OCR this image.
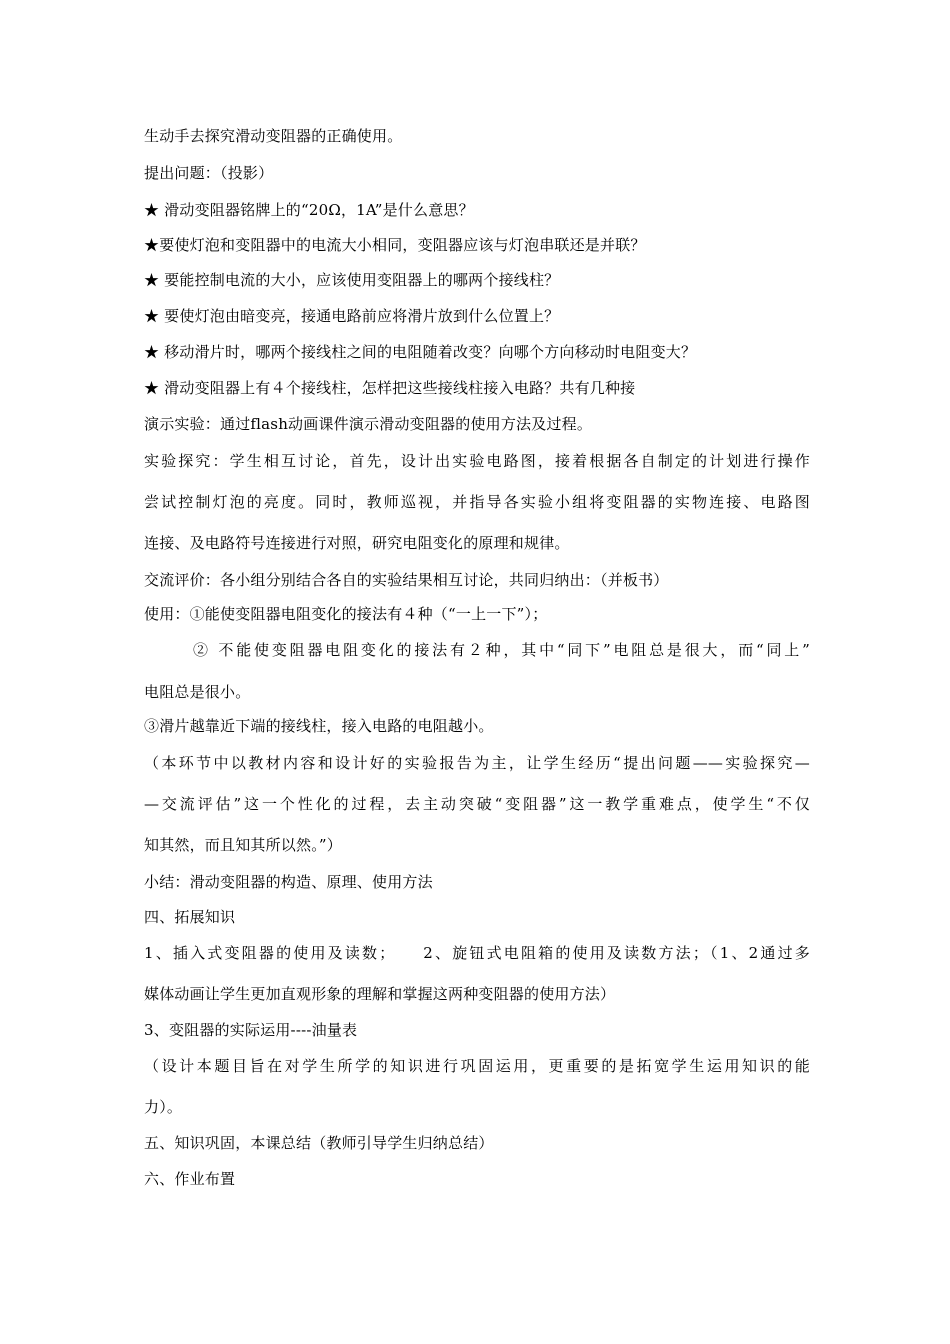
生动手去探究滑动变阻器的正确使用。
提出问题：（投影）
★ 滑动变阻器铭牌上的“20Ω，1A”是什么意思？
★要使灯泡和变阻器中的电流大小相同，变阻器应该与灯泡串联还是并联？
★ 要能控制电流的大小，应该使用变阻器上的哪两个接线柱？
★ 要使灯泡由暗变亮，接通电路前应将滑片放到什么位置上？
★ 移动滑片时，哪两个接线柱之间的电阻随着改变？向哪个方向移动时电阻变大？
★ 滑动变阻器上有４个接线柱，怎样把这些接线柱接入电路？共有几种接
演示实验：通过flash动画课件演示滑动变阻器的使用方法及过程。
实验探究：学生相互讨论，首先，设计出实验电路图，接着根据各自制定的计划进行操作
尝试控制灯泡的亮度。同时，教师巡视，并指导各实验小组将变阻器的实物连接、电路图
连接、及电路符号连接进行对照，研究电阻变化的原理和规律。
交流评价：各小组分别结合各自的实验结果相互讨论，共同归纳出：（并板书）
使用：①能使变阻器电阻变化的接法有４种（“一上一下”）；
② 不能使变阻器电阻变化的接法有２种，其中“同下”电阻总是很大，而“同上”
电阻总是很小。
③滑片越靠近下端的接线柱，接入电路的电阻越小。
（本环节中以教材内容和设计好的实验报告为主，让学生经历“提出问题——实验探究—
—交流评估”这一个性化的过程，去主动突破“变阻器”这一教学重难点，使学生“不仅
知其然，而且知其所以然。”）
小结：滑动变阻器的构造、原理、使用方法
四、拓展知识
1、插入式变阻器的使用及读数；　　2、旋钮式电阻箱的使用及读数方法；（1、2通过多
媒体动画让学生更加直观形象的理解和掌握这两种变阻器的使用方法）
3、变阻器的实际运用----油量表
（设计本题目旨在对学生所学的知识进行巩固运用，更重要的是拓宽学生运用知识的能
力）。
五、知识巩固，本课总结（教师引导学生归纳总结）
六、作业布置
